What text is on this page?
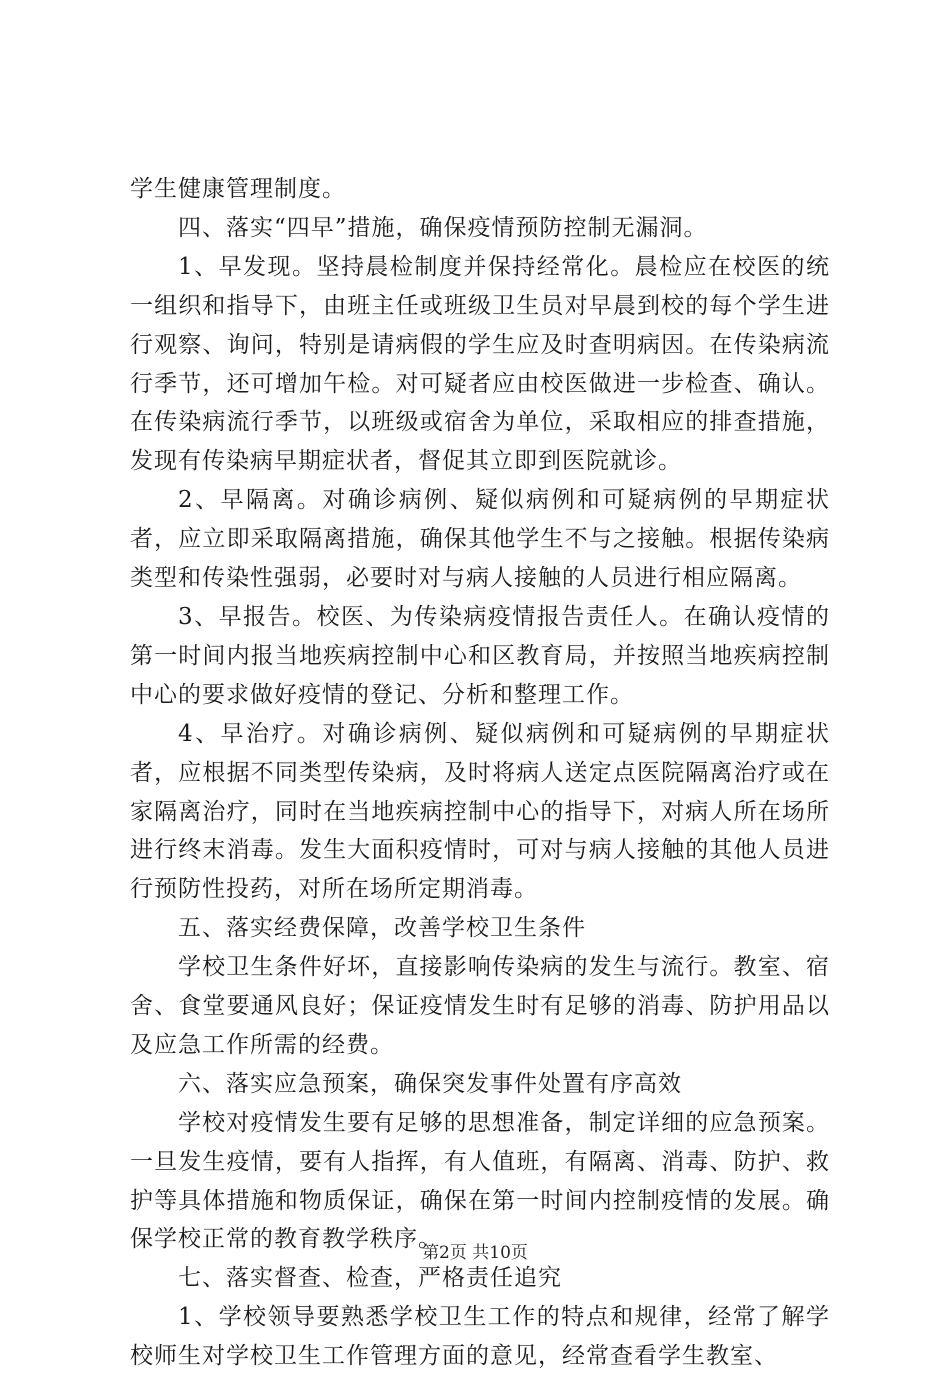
学生健康管理制度。

四、落实“四早”措施，确保疫情预防控制无漏洞。

1、早发现。坚持晨检制度并保持经常化。晨检应在校医的统一组织和指导下，由班主任或班级卫生员对早晨到校的每个学生进行观察、询问，特别是请病假的学生应及时查明病因。在传染病流行季节，还可增加午检。对可疑者应由校医做进一步检查、确认。在传染病流行季节，以班级或宿舍为单位，采取相应的排查措施，发现有传染病早期症状者，督促其立即到医院就诊。

2、早隔离。对确诊病例、疑似病例和可疑病例的早期症状者，应立即采取隔离措施，确保其他学生不与之接触。根据传染病类型和传染性强弱，必要时对与病人接触的人员进行相应隔离。

3、早报告。校医、为传染病疫情报告责任人。在确认疫情的第一时间内报当地疾病控制中心和区教育局，并按照当地疾病控制中心的要求做好疫情的登记、分析和整理工作。

4、早治疗。对确诊病例、疑似病例和可疑病例的早期症状者，应根据不同类型传染病，及时将病人送定点医院隔离治疗或在家隔离治疗，同时在当地疾病控制中心的指导下，对病人所在场所进行终末消毒。发生大面积疫情时，可对与病人接触的其他人员进行预防性投药，对所在场所定期消毒。

五、落实经费保障，改善学校卫生条件

学校卫生条件好坏，直接影响传染病的发生与流行。教室、宿舍、食堂要通风良好；保证疫情发生时有足够的消毒、防护用品以及应急工作所需的经费。

六、落实应急预案，确保突发事件处置有序高效

学校对疫情发生要有足够的思想准备，制定详细的应急预案。一旦发生疫情，要有人指挥，有人值班，有隔离、消毒、防护、救护等具体措施和物质保证，确保在第一时间内控制疫情的发展。确保学校正常的教育教学秩序。

七、落实督查、检查，严格责任追究

1、学校领导要熟悉学校卫生工作的特点和规律，经常了解学校师生对学校卫生工作管理方面的意见，经常查看学生教室、

第2页 共10页
